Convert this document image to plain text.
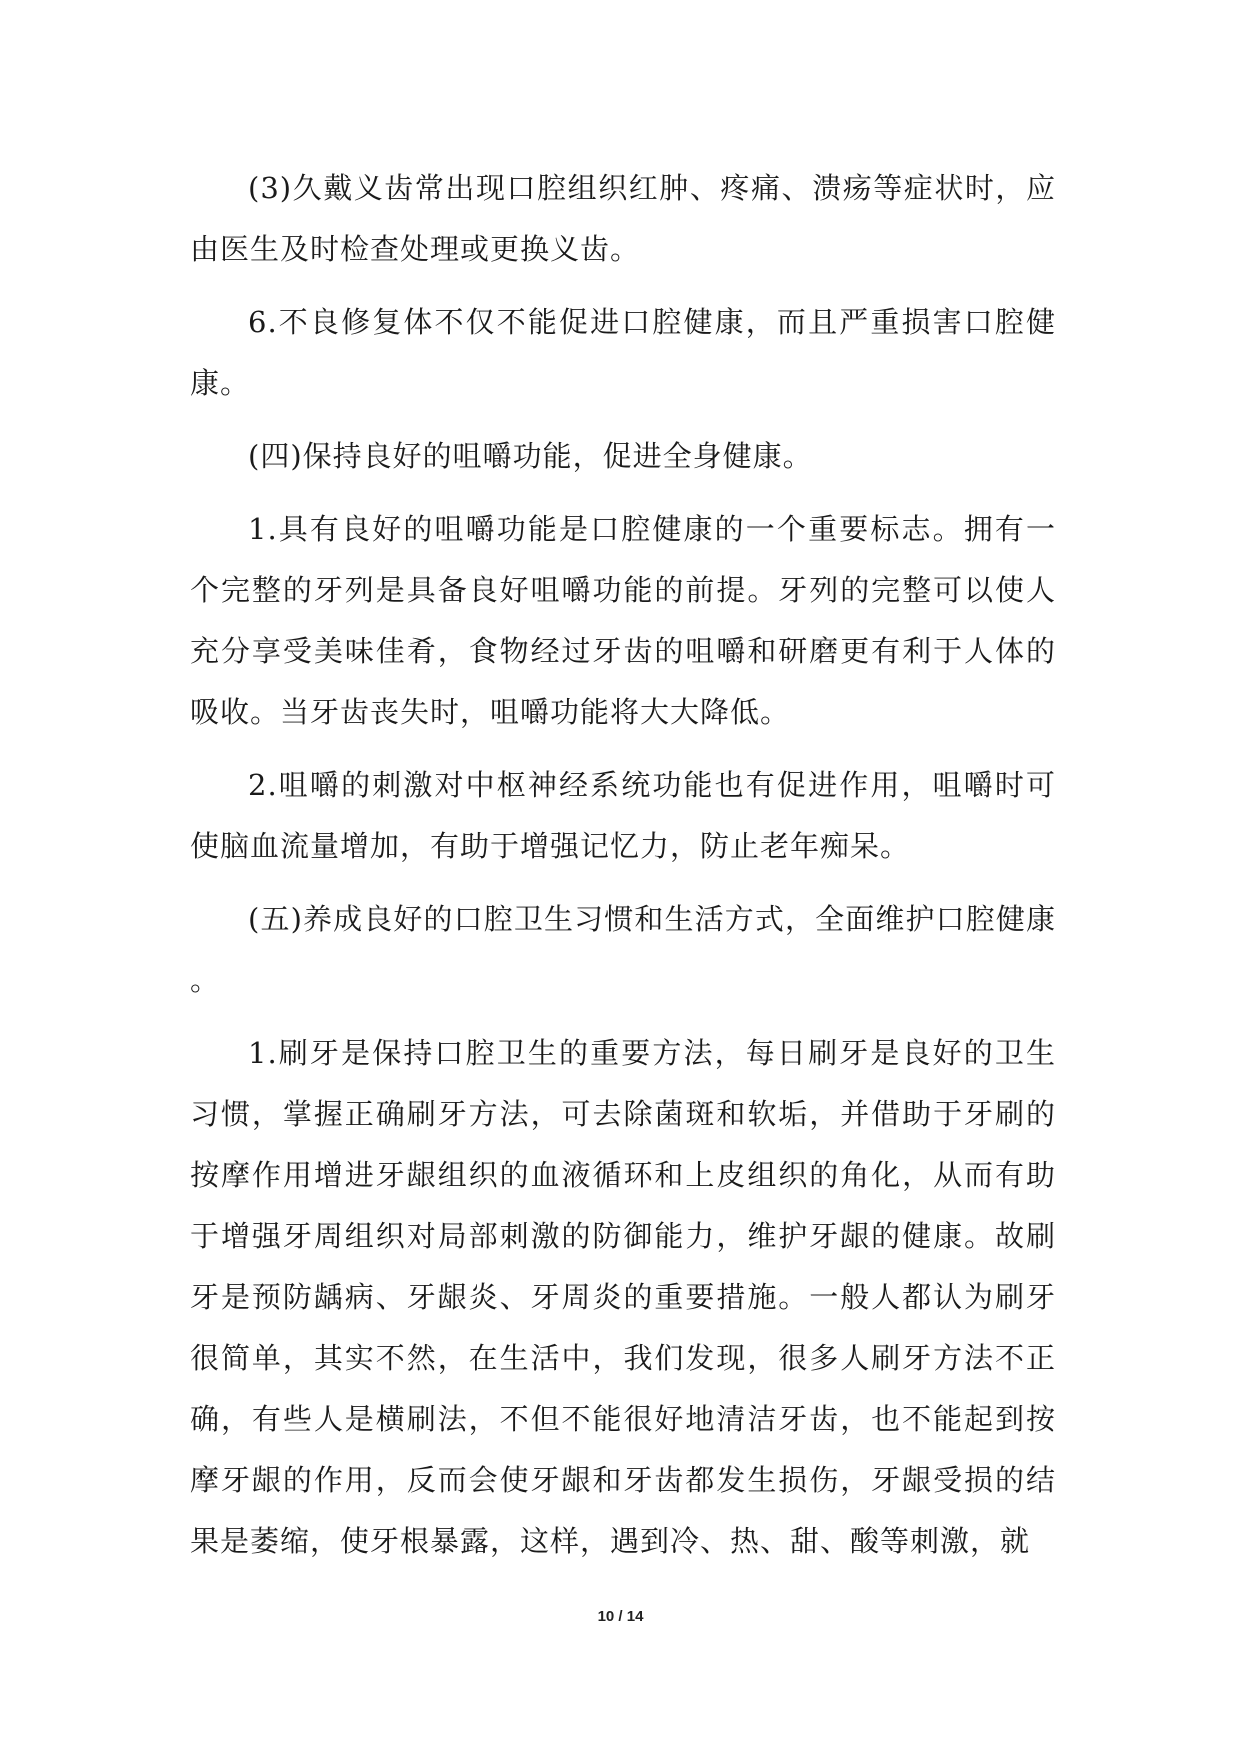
(3)久戴义齿常出现口腔组织红肿、疼痛、溃疡等症状时，应由医生及时检查处理或更换义齿。

6.不良修复体不仅不能促进口腔健康，而且严重损害口腔健康。

(四)保持良好的咀嚼功能，促进全身健康。

1.具有良好的咀嚼功能是口腔健康的一个重要标志。拥有一个完整的牙列是具备良好咀嚼功能的前提。牙列的完整可以使人充分享受美味佳肴，食物经过牙齿的咀嚼和研磨更有利于人体的吸收。当牙齿丧失时，咀嚼功能将大大降低。

2.咀嚼的刺激对中枢神经系统功能也有促进作用，咀嚼时可使脑血流量增加，有助于增强记忆力，防止老年痴呆。

(五)养成良好的口腔卫生习惯和生活方式，全面维护口腔健康。

1.刷牙是保持口腔卫生的重要方法，每日刷牙是良好的卫生习惯，掌握正确刷牙方法，可去除菌斑和软垢，并借助于牙刷的按摩作用增进牙龈组织的血液循环和上皮组织的角化，从而有助于增强牙周组织对局部刺激的防御能力，维护牙龈的健康。故刷牙是预防龋病、牙龈炎、牙周炎的重要措施。一般人都认为刷牙很简单，其实不然，在生活中，我们发现，很多人刷牙方法不正确，有些人是横刷法，不但不能很好地清洁牙齿，也不能起到按摩牙龈的作用，反而会使牙龈和牙齿都发生损伤，牙龈受损的结果是萎缩，使牙根暴露，这样，遇到冷、热、甜、酸等刺激，就

10 / 14
